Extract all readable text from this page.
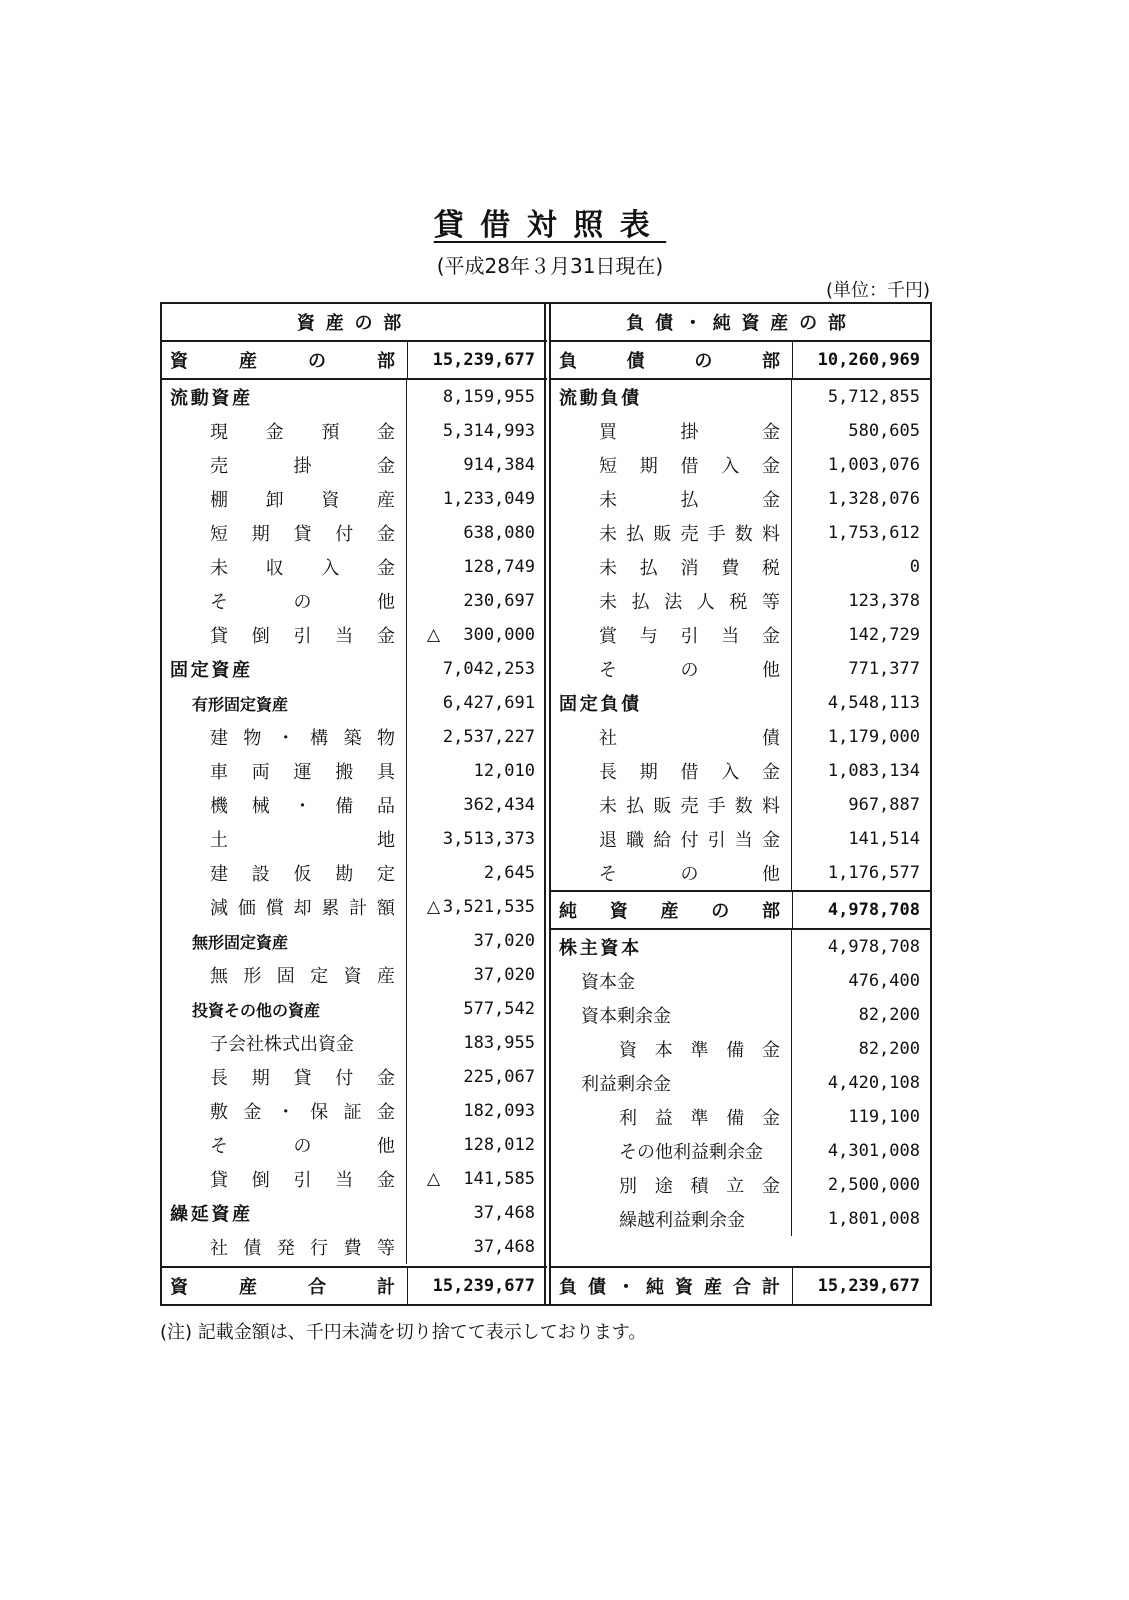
貸借対照表
(平成28年３月31日現在)
(単位：千円)
資産の部
資	産	の	部	15,239,677
流動資産	8,159,955
現 金 預 金	5,314,993
売	掛	金	914,384
棚 卸 資 産	1,233,049
短 期 貸 付 金	638,080
未 収 入 金	128,749
そ	の	他	230,697
貸 倒 引 当 金	△ 300,000
固定資産	7,042,253
有形固定資産	6,427,691
建 物 ・ 構 築 物	2,537,227
車 両 運 搬 具	12,010
機 械 ・ 備 品	362,434
土	地	3,513,373
建 設 仮 勘 定	2,645
減 価 償 却 累 計 額	△ 3,521,535
無形固定資産	37,020
無 形 固 定 資 産	37,020
投資その他の資産	577,542
子会社株式出資金	183,955
長 期 貸 付 金	225,067
敷 金 ・ 保 証 金	182,093
そ	の	他	128,012
貸 倒 引 当 金	△ 141,585
繰延資産	37,468
社 債 発 行 費 等	37,468
資	産	合	計	15,239,677
負債・純資産の部
負	債	の	部	10,260,969
流動負債	5,712,855
買	掛	金	580,605
短 期 借 入 金	1,003,076
未	払	金	1,328,076
未 払 販 売 手 数 料	1,753,612
未 払 消 費 税	0
未 払 法 人 税 等	123,378
賞 与 引 当 金	142,729
そ	の	他	771,377
固定負債	4,548,113
社	債	1,179,000
長 期 借 入 金	1,083,134
未 払 販 売 手 数 料	967,887
退 職 給 付 引 当 金	141,514
そ	の	他	1,176,577
純 資 産 の 部	4,978,708
株主資本	4,978,708
資本金	476,400
資本剰余金	82,200
資 本 準 備 金	82,200
利益剰余金	4,420,108
利 益 準 備 金	119,100
その他利益剰余金	4,301,008
別 途 積 立 金	2,500,000
繰越利益剰余金	1,801,008
負 債 ・ 純 資 産 合 計	15,239,677
(注) 記載金額は、千円未満を切り捨てて表示しております。
